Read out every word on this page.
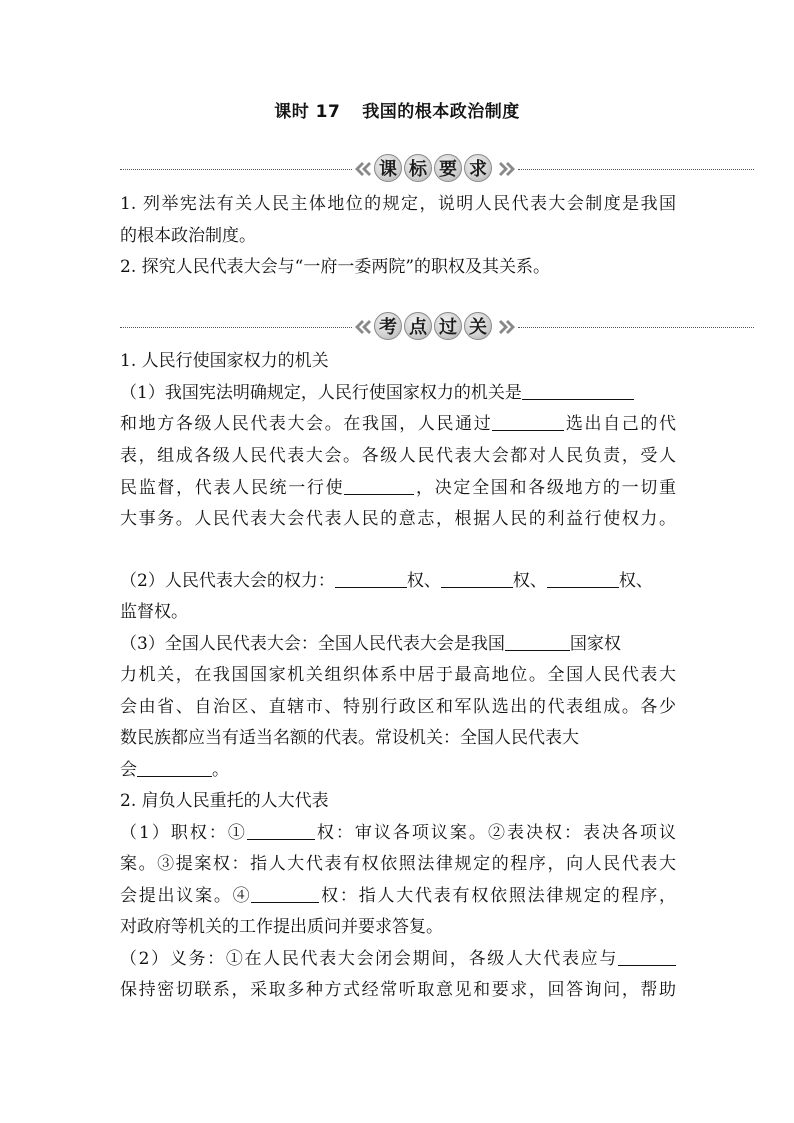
课时 17 我国的根本政治制度
课 标 要 求
1. 列举宪法有关人民主体地位的规定，说明人民代表大会制度是我国
的根本政治制度。
2. 探究人民代表大会与“一府一委两院”的职权及其关系。
考 点 过 关
1. 人民行使国家权力的机关
（1）我国宪法明确规定，人民行使国家权力的机关是
和地方各级人民代表大会。在我国，人民通过	选出自己的代
表，组成各级人民代表大会。各级人民代表大会都对人民负责，受人
民监督，代表人民统一行使	，决定全国和各级地方的一切重
大事务。人民代表大会代表人民的意志，根据人民的利益行使权力。
（2）人民代表大会的权力：	权、	权、	权、
监督权。
（3）全国人民代表大会：全国人民代表大会是我国	国家权
力机关，在我国国家机关组织体系中居于最高地位。全国人民代表大
会由省、自治区、直辖市、特别行政区和军队选出的代表组成。各少
数民族都应当有适当名额的代表。常设机关：全国人民代表大
会	。
2. 肩负人民重托的人大代表
（1）职权：①	权：审议各项议案。②表决权：表决各项议
案。③提案权：指人大代表有权依照法律规定的程序，向人民代表大
会提出议案。④	权：指人大代表有权依照法律规定的程序，
对政府等机关的工作提出质问并要求答复。
（2）义务：①在人民代表大会闭会期间，各级人大代表应与
保持密切联系，采取多种方式经常听取意见和要求，回答询问，帮助
